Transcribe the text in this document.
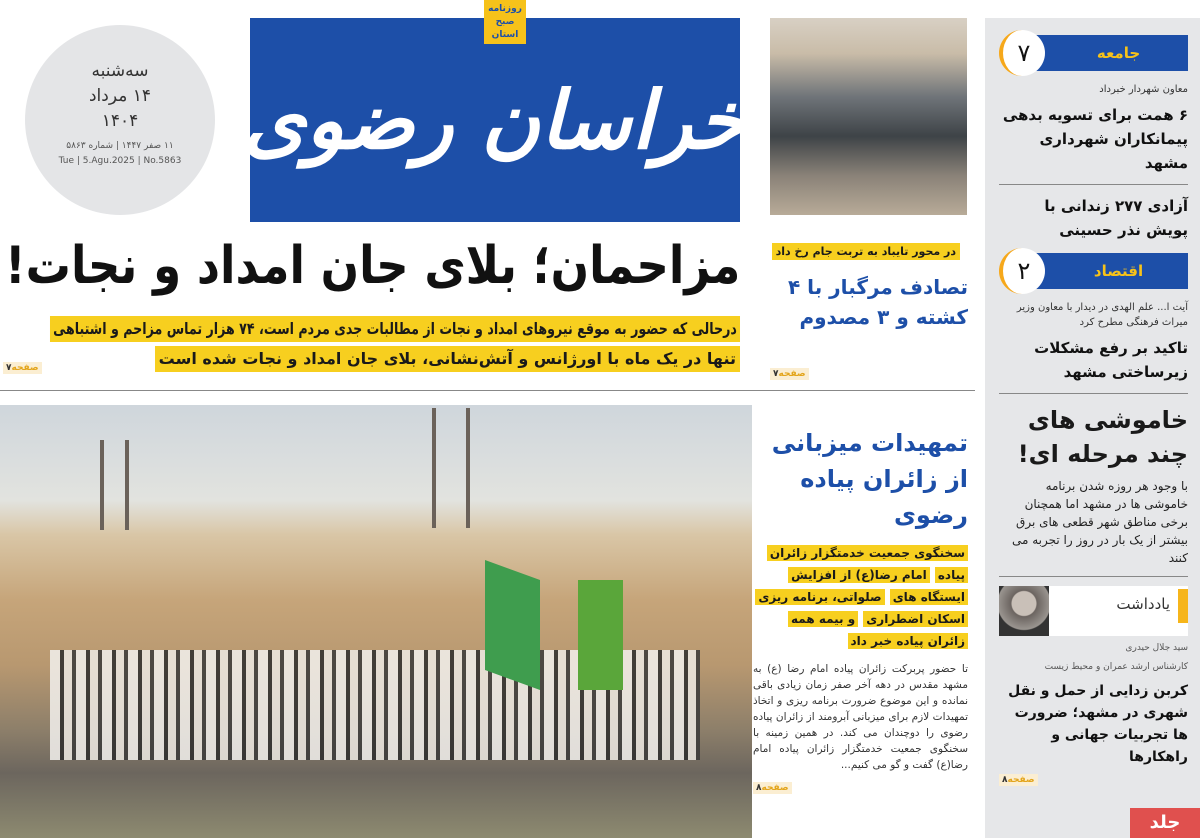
سه‌شنبه
۱۴ مرداد
۱۴۰۴
۱۱ صفر ۱۴۴۷ | شماره ۵۸۶۳
Tue | 5.Agu.2025 | No.5863 خراسان رضوی
روزنامه صبح استان
مزاحمان؛ بلای جان امداد و نجات!
درحالی که حضور به موقع نیروهای امداد و نجات از مطالبات جدی مردم است، ۷۴ هزار تماس مزاحم و اشتباهی
تنها در یک ماه با اورژانس و آتش‌نشانی، بلای جان امداد و نجات شده است
صفحه۷
در محور تایباد به تربت جام رخ داد
تصادف مرگبار با ۴ کشته و ۳ مصدوم
صفحه۷
تمهیدات میزبانی از زائران پیاده رضوی
سخنگوی جمعیت خدمتگزار زائران پیاده امام رضا(ع) از افزایش ایستگاه های صلواتی، برنامه ریزی اسکان اضطراری و بیمه همه زائران پیاده خبر داد
تا حضور پربرکت زائران پیاده امام رضا (ع) به مشهد مقدس در دهه آخر صفر زمان زیادی باقی نمانده و این موضوع ضرورت برنامه ریزی و اتخاذ تمهیدات لازم برای میزبانی آبرومند از زائران پیاده رضوی را دوچندان می کند. در همین زمینه با سخنگوی جمعیت خدمتگزار زائران پیاده امام رضا(ع) گفت و گو می کنیم...
صفحه۸
۷	جامعه
معاون شهردار خبرداد
۶ همت برای تسویه بدهی پیمانکاران شهرداری مشهد
آزادی ۲۷۷ زندانی با پویش نذر حسینی
۲	اقتصاد
آیت ا... علم الهدی در دیدار با معاون وزیر میراث فرهنگی مطرح کرد
تاکید بر رفع مشکلات زیرساختی مشهد
خاموشی های چند مرحله ای!
با وجود هر روزه شدن برنامه خاموشی ها در مشهد اما همچنان برخی مناطق شهر قطعی های برق بیشتر از یک بار در روز را تجربه می کنند
یادداشت
سید جلال حیدری
کارشناس ارشد عمران و محیط زیست
کربن زدایی از حمل و نقل شهری در مشهد؛ ضرورت ها تجربیات جهانی و راهکارها
صفحه۸
جلد
